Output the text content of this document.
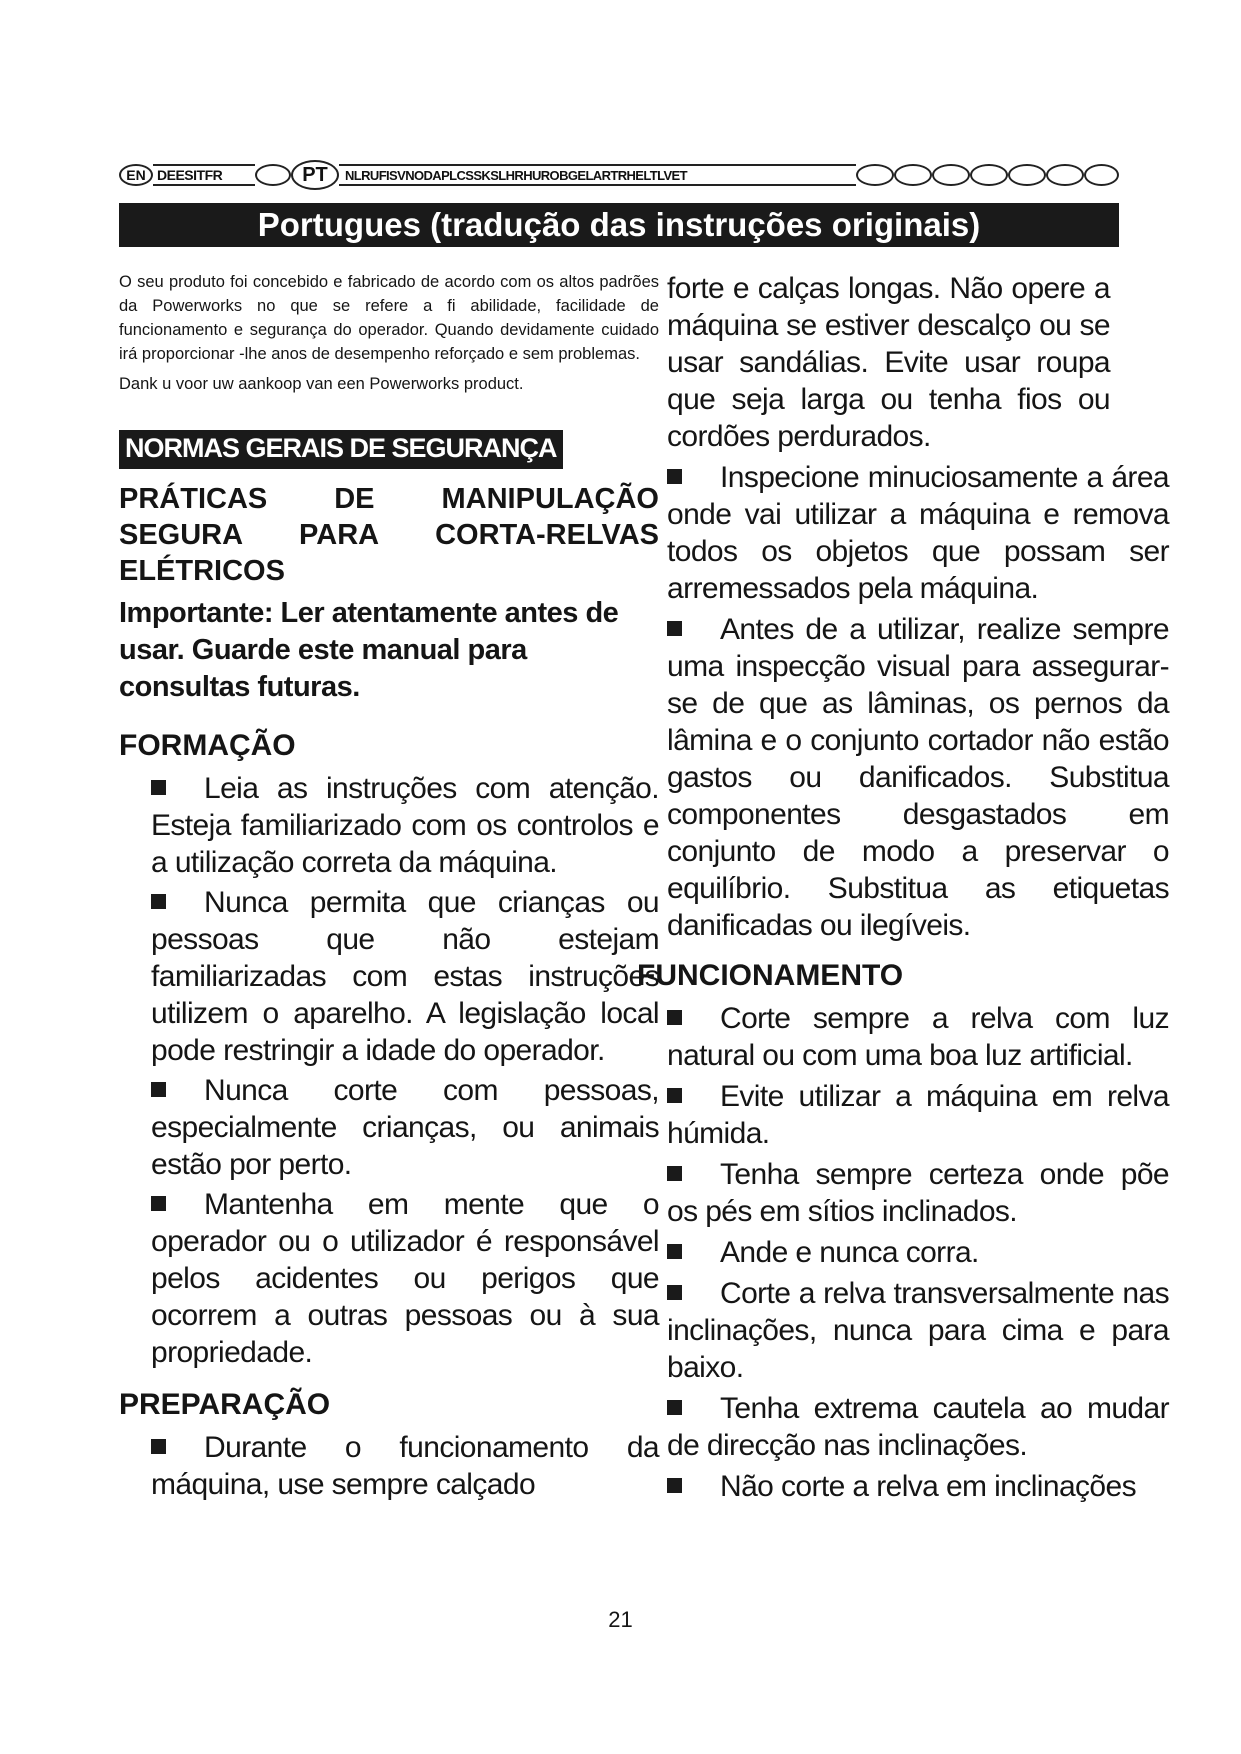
EN DEESITFR	PT NLRUFISVNODAPLCSSKSLHRHUROBGELARTRHELTLVET
Portugues (tradução das instruções originais)

O seu produto foi concebido e fabricado de acordo com os altos padrões da Powerworks no que se refere a fi abilidade, facilidade de funcionamento e segurança do operador. Quando devidamente cuidado irá proporcionar -lhe anos de desempenho reforçado e sem problemas.

Dank u voor uw aankoop van een Powerworks product.

NORMAS GERAIS DE SEGURANÇA

PRÁTICAS DE MANIPULAÇÃO SEGURA PARA CORTA-RELVAS ELÉTRICOS

Importante: Ler atentamente antes de usar. Guarde este manual para consultas futuras.

FORMAÇÃO

Leia as instruções com atenção. Esteja familiarizado com os controlos e a utilização correta da máquina.

Nunca permita que crianças ou pessoas que não estejam familiarizadas com estas instruções utilizem o aparelho. A legislação local pode restringir a idade do operador.

Nunca corte com pessoas, especialmente crianças, ou animais estão por perto.

Mantenha em mente que o operador ou o utilizador é responsável pelos acidentes ou perigos que ocorrem a outras pessoas ou à sua propriedade.

PREPARAÇÃO

Durante o funcionamento da máquina, use sempre calçado

forte e calças longas. Não opere a máquina se estiver descalço ou se usar sandálias. Evite usar roupa que seja larga ou tenha fios ou cordões perdurados.

Inspecione minuciosamente a área onde vai utilizar a máquina e remova todos os objetos que possam ser arremessados pela máquina.

Antes de a utilizar, realize sempre uma inspecção visual para assegurar-se de que as lâminas, os pernos da lâmina e o conjunto cortador não estão gastos ou danificados. Substitua componentes desgastados em conjunto de modo a preservar o equilíbrio. Substitua as etiquetas danificadas ou ilegíveis.

FUNCIONAMENTO

Corte sempre a relva com luz natural ou com uma boa luz artificial.

Evite utilizar a máquina em relva húmida.

Tenha sempre certeza onde põe os pés em sítios inclinados.

Ande e nunca corra.

Corte a relva transversalmente nas inclinações, nunca para cima e para baixo.

Tenha extrema cautela ao mudar de direcção nas inclinações.

Não corte a relva em inclinações

21
